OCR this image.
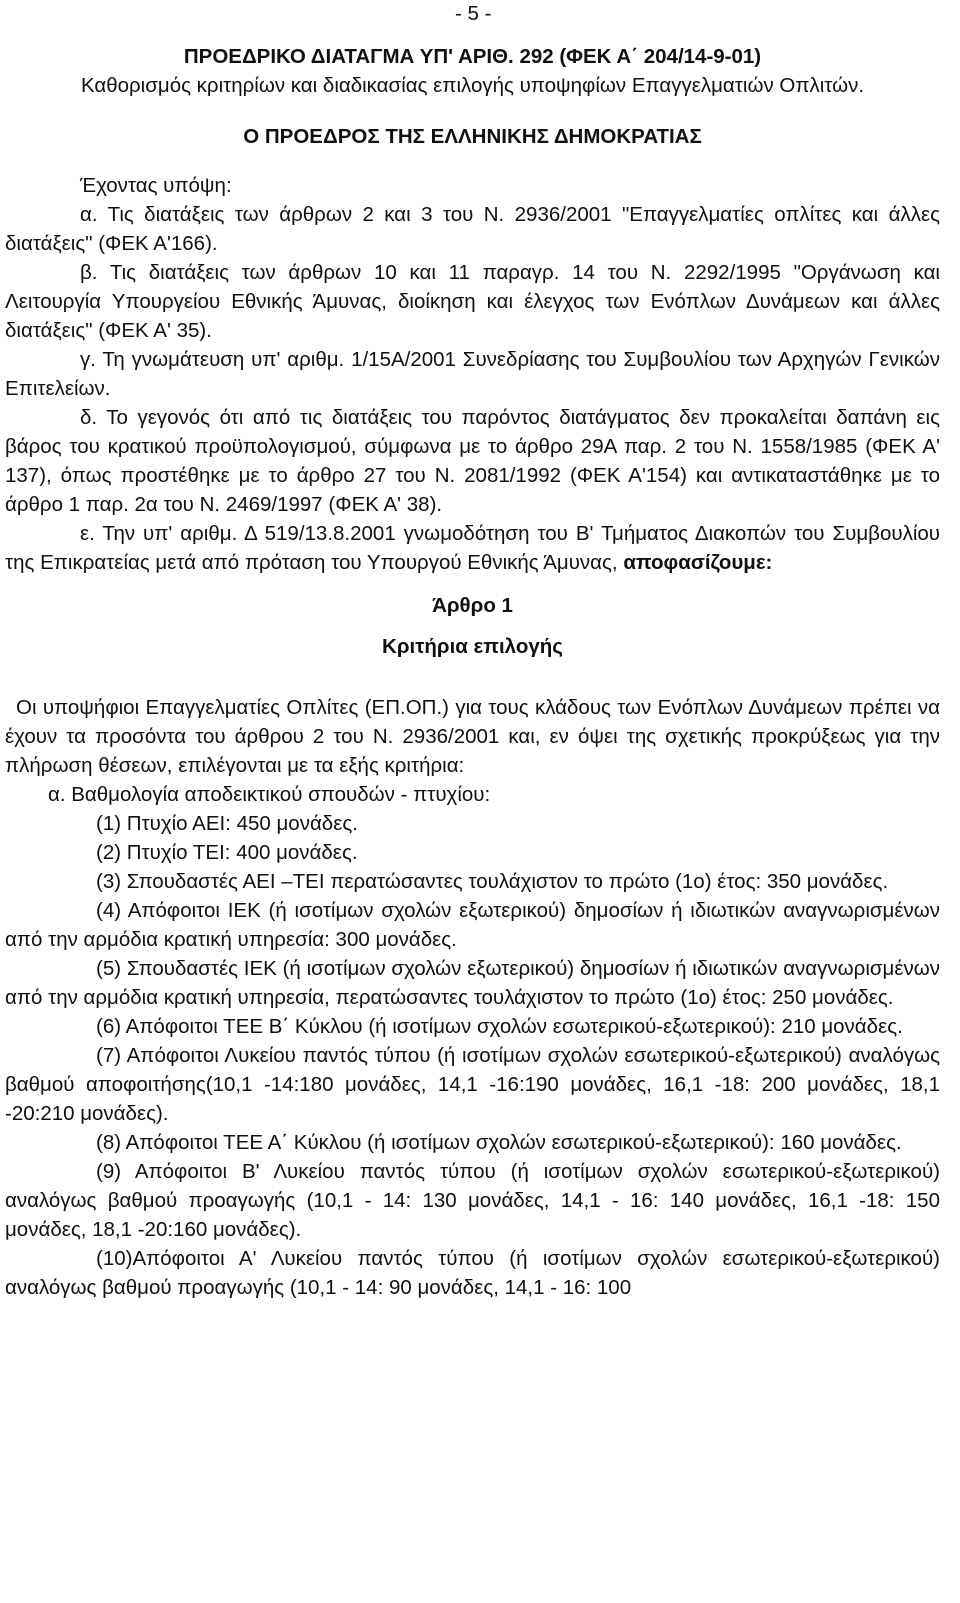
- 5 -
ΠΡΟΕΔΡΙΚΟ ΔΙΑΤΑΓΜΑ ΥΠ' ΑΡΙΘ. 292 (ΦΕΚ Α΄ 204/14-9-01)
Καθορισμός κριτηρίων και διαδικασίας επιλογής υποψηφίων Επαγγελματιών Οπλιτών.
Ο ΠΡΟΕΔΡΟΣ ΤΗΣ ΕΛΛΗΝΙΚΗΣ ΔΗΜΟΚΡΑΤΙΑΣ
Έχοντας υπόψη:
α. Τις διατάξεις των άρθρων 2 και 3 του Ν. 2936/2001 "Επαγγελματίες οπλίτες και άλλες διατάξεις" (ΦΕΚ Α'166).
β. Τις διατάξεις των άρθρων 10 και 11 παραγρ. 14 του Ν. 2292/1995 "Οργάνωση και Λειτουργία Υπουργείου Εθνικής Άμυνας, διοίκηση και έλεγχος των Ενόπλων Δυνάμεων και άλλες διατάξεις" (ΦΕΚ Α' 35).
γ. Τη γνωμάτευση υπ' αριθμ. 1/15Α/2001 Συνεδρίασης του Συμβουλίου των Αρχηγών Γενικών Επιτελείων.
δ. Το γεγονός ότι από τις διατάξεις του παρόντος διατάγματος δεν προκαλείται δαπάνη εις βάρος του κρατικού προϋπολογισμού, σύμφωνα με το άρθρο 29Α παρ. 2 του Ν. 1558/1985 (ΦΕΚ Α' 137), όπως προστέθηκε με το άρθρο 27 του Ν. 2081/1992 (ΦΕΚ Α'154) και αντικαταστάθηκε με το άρθρο 1 παρ. 2α του Ν. 2469/1997 (ΦΕΚ Α' 38).
ε. Την υπ' αριθμ. Δ 519/13.8.2001 γνωμοδότηση του Β' Τμήματος Διακοπών του Συμβουλίου της Επικρατείας μετά από πρόταση του Υπουργού Εθνικής Άμυνας, αποφασίζουμε:
Άρθρο 1
Κριτήρια επιλογής
Οι υποψήφιοι Επαγγελματίες Οπλίτες (ΕΠ.ΟΠ.) για τους κλάδους των Ενόπλων Δυνάμεων πρέπει να έχουν τα προσόντα του άρθρου 2 του Ν. 2936/2001 και, εν όψει της σχετικής προκρύξεως για την πλήρωση θέσεων, επιλέγονται με τα εξής κριτήρια:
α. Βαθμολογία αποδεικτικού σπουδών - πτυχίου:
(1) Πτυχίο ΑΕΙ: 450 μονάδες.
(2) Πτυχίο ΤΕΙ: 400 μονάδες.
(3) Σπουδαστές ΑΕΙ –ΤΕΙ περατώσαντες τουλάχιστον το πρώτο (1ο) έτος: 350 μονάδες.
(4) Απόφοιτοι ΙΕΚ (ή ισοτίμων σχολών εξωτερικού) δημοσίων ή ιδιωτικών αναγνωρισμένων από την αρμόδια κρατική υπηρεσία: 300 μονάδες.
(5) Σπουδαστές ΙΕΚ (ή ισοτίμων σχολών εξωτερικού) δημοσίων ή ιδιωτικών αναγνωρισμένων από την αρμόδια κρατική υπηρεσία, περατώσαντες τουλάχιστον το πρώτο (1ο) έτος: 250 μονάδες.
(6) Απόφοιτοι ΤΕΕ Β΄ Κύκλου (ή ισοτίμων σχολών εσωτερικού-εξωτερικού): 210 μονάδες.
(7) Απόφοιτοι Λυκείου παντός τύπου (ή ισοτίμων σχολών εσωτερικού-εξωτερικού) αναλόγως βαθμού αποφοιτήσης(10,1 -14:180 μονάδες, 14,1 -16:190 μονάδες, 16,1 -18: 200 μονάδες, 18,1 -20:210 μονάδες).
(8) Απόφοιτοι ΤΕΕ Α΄ Κύκλου (ή ισοτίμων σχολών εσωτερικού-εξωτερικού): 160 μονάδες.
(9) Απόφοιτοι Β' Λυκείου παντός τύπου (ή ισοτίμων σχολών εσωτερικού-εξωτερικού) αναλόγως βαθμού προαγωγής (10,1 - 14: 130 μονάδες, 14,1 - 16: 140 μονάδες, 16,1 -18: 150 μονάδες, 18,1 -20:160 μονάδες).
(10)Απόφοιτοι Α' Λυκείου παντός τύπου (ή ισοτίμων σχολών εσωτερικού-εξωτερικού) αναλόγως βαθμού προαγωγής (10,1 - 14: 90 μονάδες, 14,1 - 16: 100
